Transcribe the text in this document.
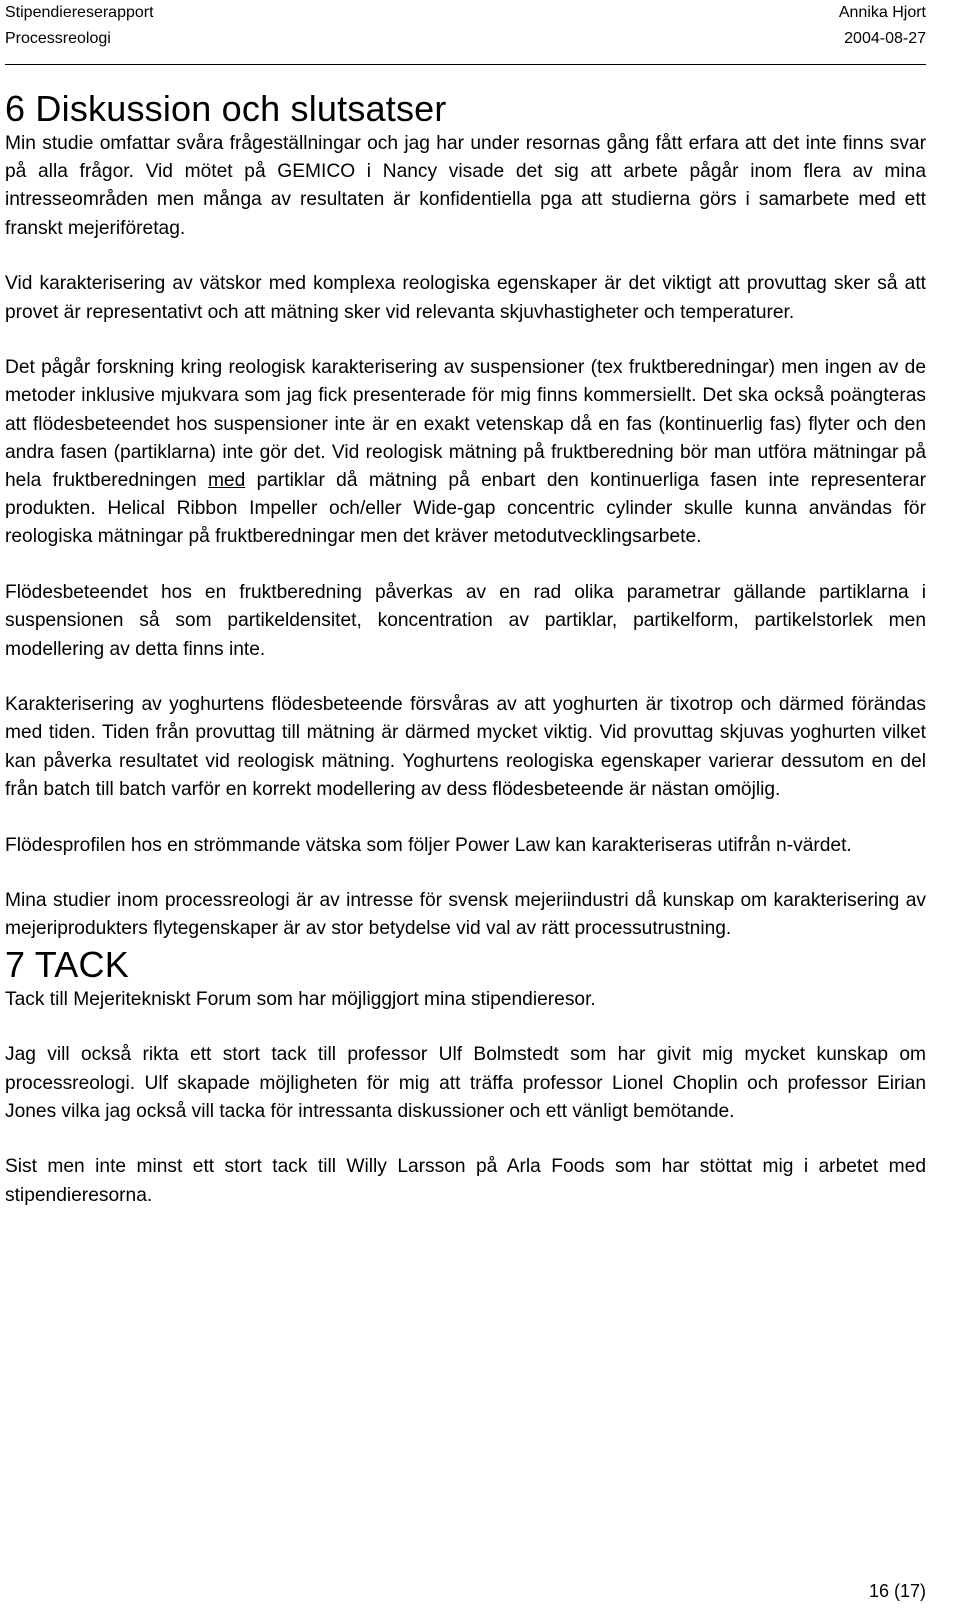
Stipendiereserapport	Annika Hjort
Processreologi	2004-08-27
6 Diskussion och slutsatser

Min studie omfattar svåra frågeställningar och jag har under resornas gång fått erfara att det inte finns svar på alla frågor. Vid mötet på GEMICO i Nancy visade det sig att arbete pågår inom flera av mina intresseområden men många av resultaten är konfidentiella pga att studierna görs i samarbete med ett franskt mejeriföretag.

Vid karakterisering av vätskor med komplexa reologiska egenskaper är det viktigt att provuttag sker så att provet är representativt och att mätning sker vid relevanta skjuvhastigheter och temperaturer.

Det pågår forskning kring reologisk karakterisering av suspensioner (tex fruktberedningar) men ingen av de metoder inklusive mjukvara som jag fick presenterade för mig finns kommersiellt. Det ska också poängteras att flödesbeteendet hos suspensioner inte är en exakt vetenskap då en fas (kontinuerlig fas) flyter och den andra fasen (partiklarna) inte gör det. Vid reologisk mätning på fruktberedning bör man utföra mätningar på hela fruktberedningen med partiklar då mätning på enbart den kontinuerliga fasen inte representerar produkten. Helical Ribbon Impeller och/eller Wide-gap concentric cylinder skulle kunna användas för reologiska mätningar på fruktberedningar men det kräver metodutvecklingsarbete.

Flödesbeteendet hos en fruktberedning påverkas av en rad olika parametrar gällande partiklarna i suspensionen så som partikeldensitet, koncentration av partiklar, partikelform, partikelstorlek men modellering av detta finns inte.

Karakterisering av yoghurtens flödesbeteende försvåras av att yoghurten är tixotrop och därmed förändas med tiden. Tiden från provuttag till mätning är därmed mycket viktig. Vid provuttag skjuvas yoghurten vilket kan påverka resultatet vid reologisk mätning. Yoghurtens reologiska egenskaper varierar dessutom en del från batch till batch varför en korrekt modellering av dess flödesbeteende är nästan omöjlig.

Flödesprofilen hos en strömmande vätska som följer Power Law kan karakteriseras utifrån n-värdet.

Mina studier inom processreologi är av intresse för svensk mejeriindustri då kunskap om karakterisering av mejeriprodukters flytegenskaper är av stor betydelse vid val av rätt processutrustning.

7 TACK

Tack till Mejeritekniskt Forum som har möjliggjort mina stipendieresor.

Jag vill också rikta ett stort tack till professor Ulf Bolmstedt som har givit mig mycket kunskap om processreologi. Ulf skapade möjligheten för mig att träffa professor Lionel Choplin och professor Eirian Jones vilka jag också vill tacka för intressanta diskussioner och ett vänligt bemötande.

Sist men inte minst ett stort tack till Willy Larsson på Arla Foods som har stöttat mig i arbetet med stipendieresorna.

16 (17)
